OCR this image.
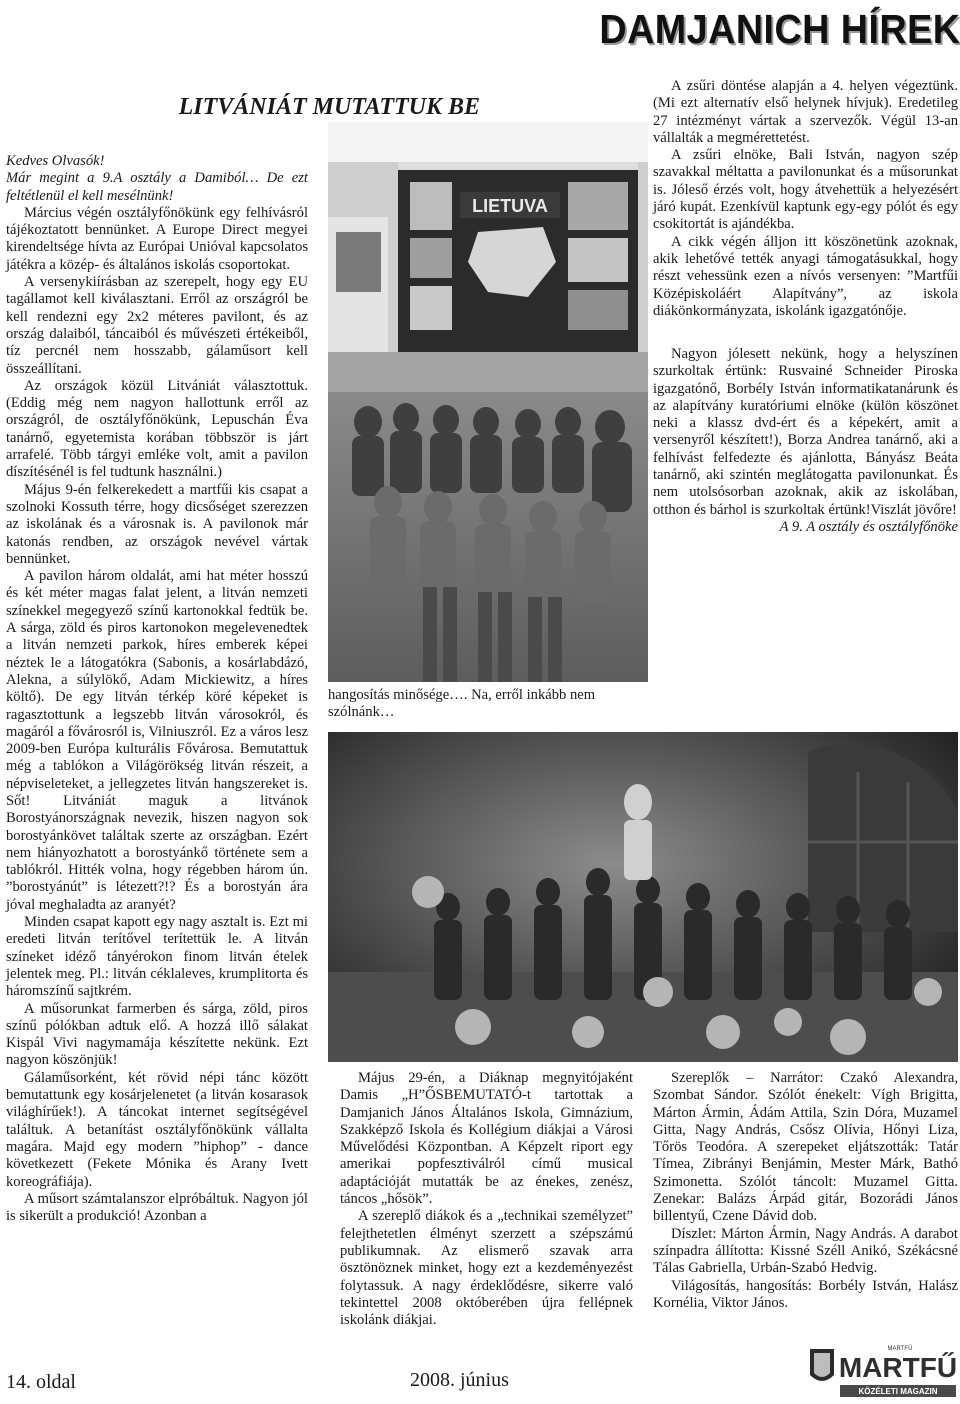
DAMJANICH HÍREK
LITVÁNIÁT MUTATTUK BE

Kedves Olvasók!

Már megint a 9.A osztály a Damiból… De ezt feltétlenül el kell mesélnünk!

Március végén osztályfőnökünk egy felhívásról tájékoztatott bennünket. A Europe Direct megyei kirendeltsége hívta az Európai Unióval kapcsolatos játékra a közép- és általános iskolás csoportokat.

A versenykiírásban az szerepelt, hogy egy EU tagállamot kell kiválasztani. Erről az országról be kell rendezni egy 2x2 méteres pavilont, és az ország dalaiból, táncaiból és művészeti értékeiből, tíz percnél nem hosszabb, gálaműsort kell összeállítani.

Az országok közül Litvániát választottuk. (Eddig még nem nagyon hallottunk erről az országról, de osztályfőnökünk, Lepuschán Éva tanárnő, egyetemista korában többször is járt arrafelé. Több tárgyi emléke volt, amit a pavilon díszítésénél is fel tudtunk használni.)

Május 9-én felkerekedett a martfűi kis csapat a szolnoki Kossuth térre, hogy dicsőséget szerezzen az iskolának és a városnak is. A pavilonok már katonás rendben, az országok nevével vártak bennünket.

A pavilon három oldalát, ami hat méter hosszú és két méter magas falat jelent, a litván nemzeti színekkel megegyező színű kartonokkal fedtük be. A sárga, zöld és piros kartonokon megelevenedtek a litván nemzeti parkok, híres emberek képei néztek le a látogatókra (Sabonis, a kosárlabdázó, Alekna, a súlylökő, Adam Mickiewitz, a híres költő). De egy litván térkép köré képeket is ragasztottunk a legszebb litván városokról, és magáról a fővárosról is, Vilniuszról. Ez a város lesz 2009-ben Európa kulturális Fővárosa. Bemutattuk még a tablókon a Világörökség litván részeit, a népviseleteket, a jellegzetes litván hangszereket is. Sőt! Litvániát maguk a litvánok Borostyánországnak nevezik, hiszen nagyon sok borostyánkövet találtak szerte az országban. Ezért nem hiányozhatott a borostyánkő története sem a tablókról. Hitték volna, hogy régebben három ún. ”borostyánút” is létezett?!? És a borostyán ára jóval meghaladta az aranyét?

Minden csapat kapott egy nagy asztalt is. Ezt mi eredeti litván terítővel terítettük le. A litván színeket idéző tányérokon finom litván ételek jelentek meg. Pl.: litván céklaleves, krumplitorta és háromszínű sajtkrém.

A műsorunkat farmerben és sárga, zöld, piros színű pólókban adtuk elő. A hozzá illő sálakat Kispál Vivi nagymamája készítette nekünk. Ezt nagyon köszönjük!

Gálaműsorként, két rövid népi tánc között bemutattunk egy kosárjelenetet (a litván kosarasok világhírűek!). A táncokat internet segítségével találtuk. A betanítást osztályfőnökünk vállalta magára. Majd egy modern ”hiphop” - dance következett (Fekete Mónika és Arany Ivett koreográfiája).

A műsort számtalanszor elpróbáltuk. Nagyon jól is sikerült a produkció! Azonban a

LIETUVA

hangosítás minősége…. Na, erről inkább nem szólnánk…

A zsűri döntése alapján a 4. helyen végeztünk. (Mi ezt alternatív első helynek hívjuk). Eredetileg 27 intézményt vártak a szervezők. Végül 13-an vállalták a megmérettetést.

A zsűri elnöke, Bali István, nagyon szép szavakkal méltatta a pavilonunkat és a műsorunkat is. Jóleső érzés volt, hogy átvehettük a helyezésért járó kupát. Ezenkívül kaptunk egy-egy pólót és egy csokitortát is ajándékba.

A cikk végén álljon itt köszönetünk azoknak, akik lehetővé tették anyagi támogatásukkal, hogy részt vehessünk ezen a nívós versenyen: ”Martfűi Középiskoláért Alapítvány”, az iskola diákönkormányzata, iskolánk igazgatónője.

Nagyon jólesett nekünk, hogy a helyszínen szurkoltak értünk: Rusvainé Schneider Piroska igazgatónő, Borbély István informatikatanárunk és az alapítvány kuratóriumi elnöke (külön köszönet neki a klassz dvd-ért és a képekért, amit a versenyről készített!), Borza Andrea tanárnő, aki a felhívást felfedezte és ajánlotta, Bányász Beáta tanárnő, aki szintén meglátogatta pavilonunkat. És nem utolsósorban azoknak, akik az iskolában, otthon és bárhol is szurkoltak értünk!Viszlát jövőre!

A 9. A osztály és osztályfőnöke

Május 29-én, a Diáknap megnyitójaként Damis „H”ŐSBEMUTATÓ-t tartottak a Damjanich János Általános Iskola, Gimnázium, Szakképző Iskola és Kollégium diákjai a Városi Művelődési Központban. A Képzelt riport egy amerikai popfesztiválról című musical adaptációját mutatták be az énekes, zenész, táncos „hősök”.

A szereplő diákok és a „technikai személyzet” felejthetetlen élményt szerzett a szépszámú publikumnak. Az elismerő szavak arra ösztönöznek minket, hogy ezt a kezdeményezést folytassuk. A nagy érdeklődésre, sikerre való tekintettel 2008 októberében újra fellépnek iskolánk diákjai.

Szereplők – Narrátor: Czakó Alexandra, Szombat Sándor. Szólót énekelt: Vígh Brigitta, Márton Ármin, Ádám Attila, Szin Dóra, Muzamel Gitta, Nagy András, Csősz Olívia, Hőnyi Liza, Tőrös Teodóra. A szerepeket eljátszották: Tatár Tímea, Zibrányi Benjámin, Mester Márk, Bathó Szimonetta. Szólót táncolt: Muzamel Gitta. Zenekar: Balázs Árpád gitár, Bozorádi János billentyű, Czene Dávid dob.

Díszlet: Márton Ármin, Nagy András. A darabot színpadra állította: Kissné Széll Anikó, Székácsné Tálas Gabriella, Urbán-Szabó Hedvig.

Világosítás, hangosítás: Borbély István, Halász Kornélia, Viktor János.

14. oldal	2008. június
MARTFŰ
MARTFŰ
KÖZÉLETI MAGAZIN
